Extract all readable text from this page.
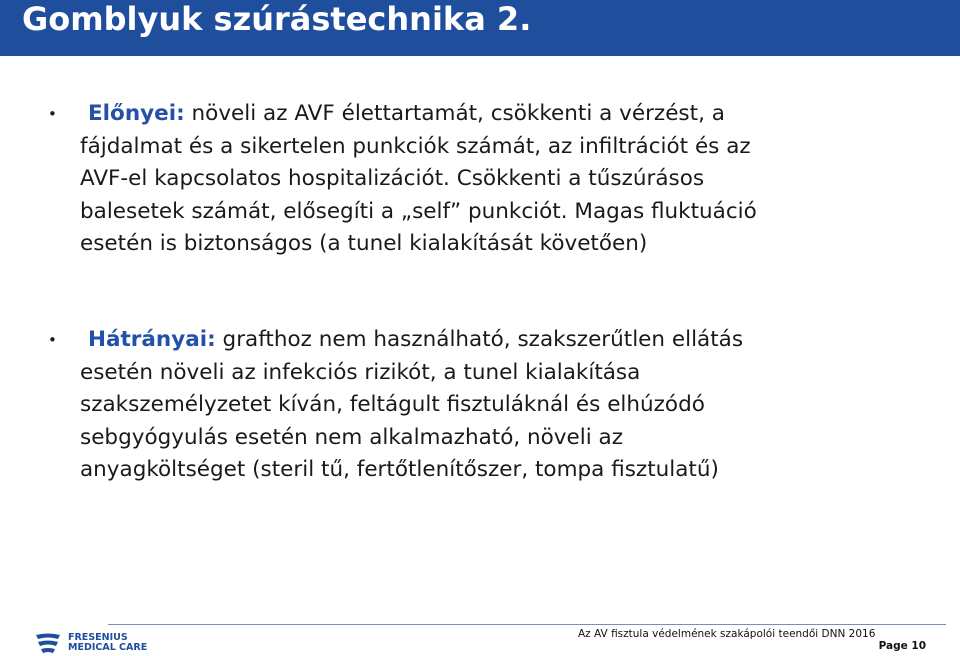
Gomblyuk szúrástechnika 2.
•	Előnyei: növeli az AVF élettartamát, csökkenti a vérzést, a
fájdalmat és a sikertelen punkciók számát, az infiltrációt és az
AVF-el kapcsolatos hospitalizációt. Csökkenti a tűszúrásos
balesetek számát, elősegíti a „self” punkciót. Magas fluktuáció
esetén is biztonságos (a tunel kialakítását követően)

•	Hátrányai: grafthoz nem használható, szakszerűtlen ellátás
esetén növeli az infekciós rizikót, a tunel kialakítása
szakszemélyzetet kíván, feltágult fisztuláknál és elhúzódó
sebgyógyulás esetén nem alkalmazható, növeli az
anyagköltséget (steril tű, fertőtlenítőszer, tompa fisztulatű)

FRESENIUS
MEDICAL CARE
Az AV fisztula védelmének szakápolói teendői DNN 2016
Page 10
